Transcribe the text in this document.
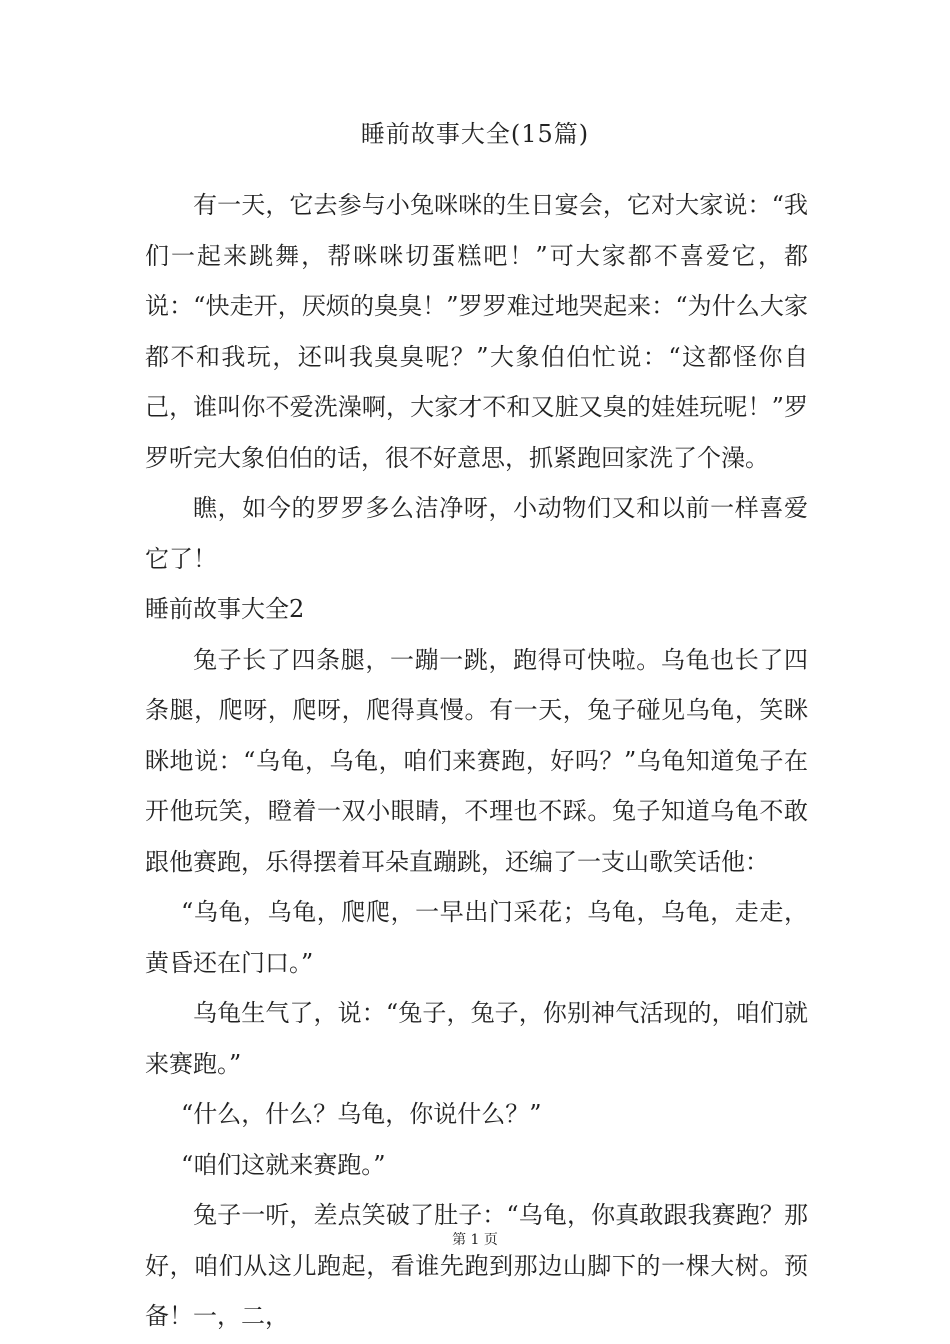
睡前故事大全(15篇)

有一天，它去参与小兔咪咪的生日宴会，它对大家说：“我们一起来跳舞，帮咪咪切蛋糕吧！”可大家都不喜爱它，都说：“快走开，厌烦的臭臭！”罗罗难过地哭起来：“为什么大家都不和我玩，还叫我臭臭呢？”大象伯伯忙说：“这都怪你自己，谁叫你不爱洗澡啊，大家才不和又脏又臭的娃娃玩呢！”罗罗听完大象伯伯的话，很不好意思，抓紧跑回家洗了个澡。

瞧，如今的罗罗多么洁净呀，小动物们又和以前一样喜爱它了！

睡前故事大全2

兔子长了四条腿，一蹦一跳，跑得可快啦。乌龟也长了四条腿，爬呀，爬呀，爬得真慢。有一天，兔子碰见乌龟，笑眯眯地说：“乌龟，乌龟，咱们来赛跑，好吗？”乌龟知道兔子在开他玩笑，瞪着一双小眼睛，不理也不踩。兔子知道乌龟不敢跟他赛跑，乐得摆着耳朵直蹦跳，还编了一支山歌笑话他：

“乌龟，乌龟，爬爬，一早出门采花；乌龟，乌龟，走走，黄昏还在门口。”

乌龟生气了，说：“兔子，兔子，你别神气活现的，咱们就来赛跑。”

“什么，什么？乌龟，你说什么？”

“咱们这就来赛跑。”

兔子一听，差点笑破了肚子：“乌龟，你真敢跟我赛跑？那好，咱们从这儿跑起，看谁先跑到那边山脚下的一棵大树。预备！一，二，

第 1 页
